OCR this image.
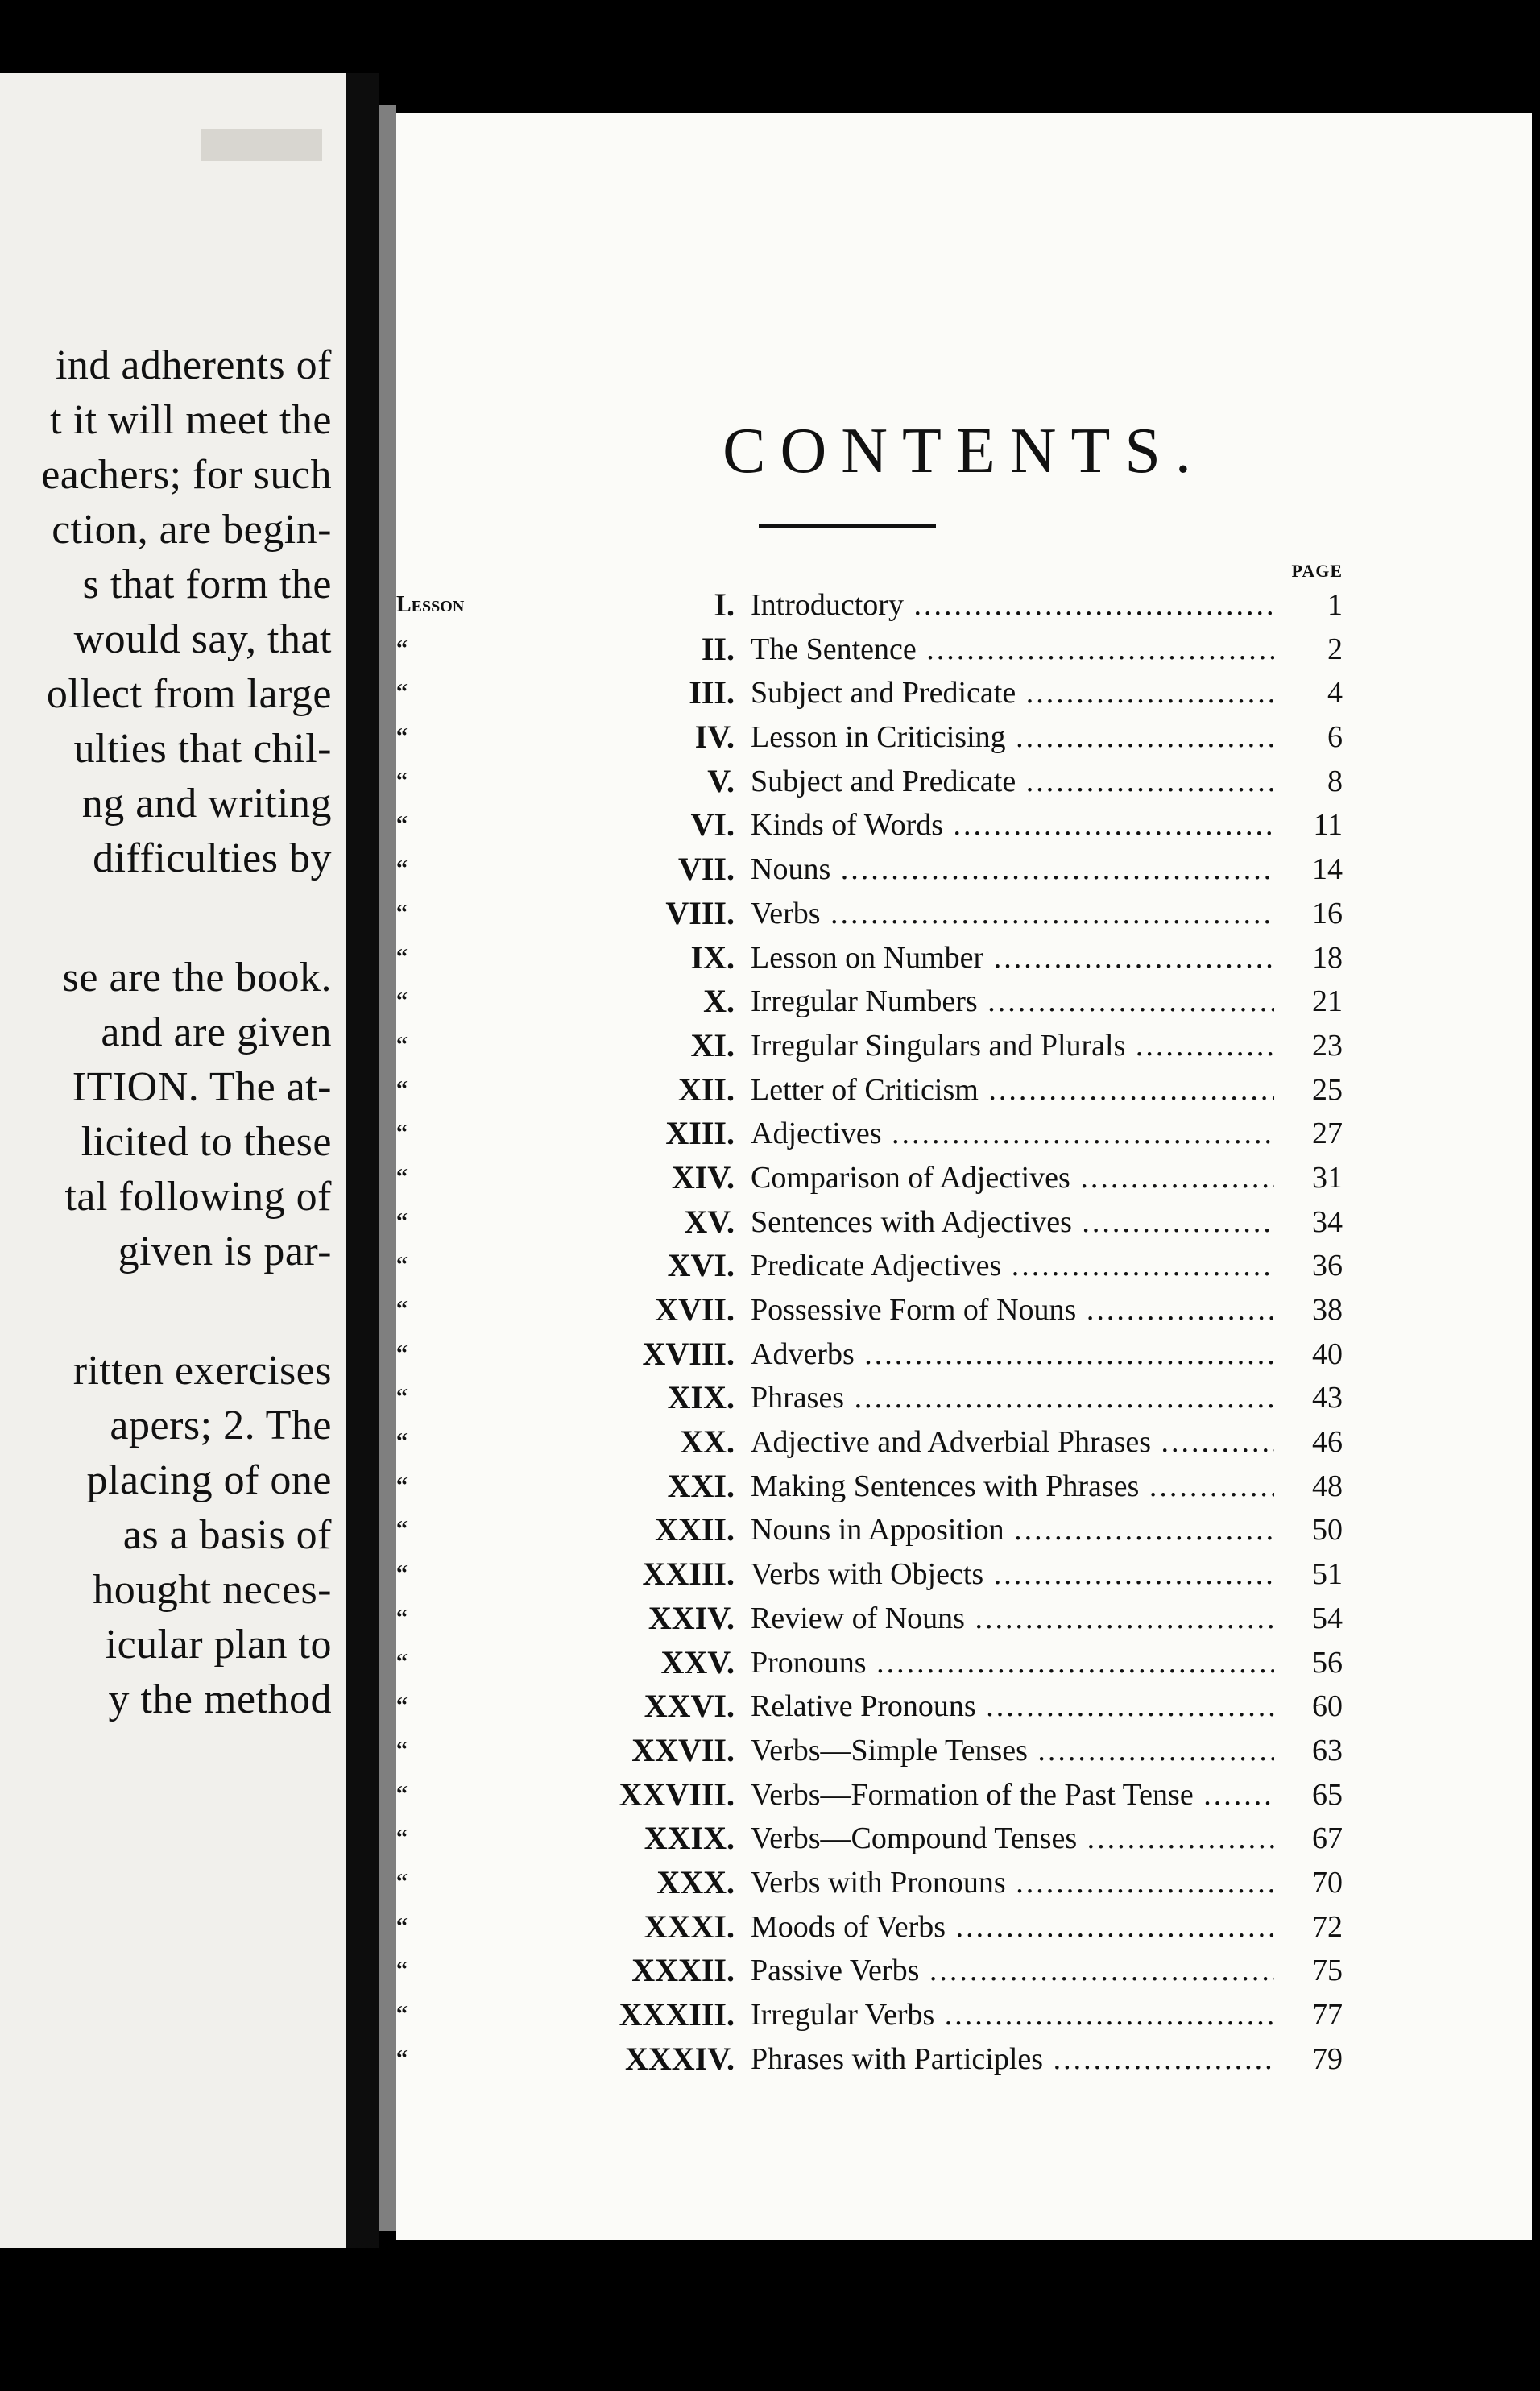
ind adherents of
t it will meet the
eachers; for such
ction, are begin-
s that form the
would say, that
ollect from large
ulties that chil-
ng and writing
difficulties by
se are the book.
and are given
ITION. The at-
licited to these
tal following of
given is par-
ritten exercises
apers; 2. The
placing of one
as a basis of
hought neces-
icular plan to
y the method
CONTENTS.
PAGE
Lesson	I. Introductory .....	1
“	II. The Sentence .....	2
“	III. Subject and Predicate .....	4
“	IV. Lesson in Criticising .....	6
“	V. Subject and Predicate .....	8
“	VI. Kinds of Words .....	11
“	VII. Nouns .....	14
“	VIII. Verbs .....	16
“	IX. Lesson on Number .....	18
“	X. Irregular Numbers .....	21
“	XI. Irregular Singulars and Plurals .....	23
“	XII. Letter of Criticism .....	25
“	XIII. Adjectives .....	27
“	XIV. Comparison of Adjectives .....	31
“	XV. Sentences with Adjectives .....	34
“	XVI. Predicate Adjectives .....	36
“	XVII. Possessive Form of Nouns .....	38
“	XVIII. Adverbs .....	40
“	XIX. Phrases .....	43
“	XX. Adjective and Adverbial Phrases .....	46
“	XXI. Making Sentences with Phrases .....	48
“	XXII. Nouns in Apposition .....	50
“	XXIII. Verbs with Objects .....	51
“	XXIV. Review of Nouns .....	54
“	XXV. Pronouns .....	56
“	XXVI. Relative Pronouns .....	60
“	XXVII. Verbs—Simple Tenses .....	63
“	XXVIII. Verbs—Formation of the Past Tense .....	65
“	XXIX. Verbs—Compound Tenses .....	67
“	XXX. Verbs with Pronouns .....	70
“	XXXI. Moods of Verbs .....	72
“	XXXII. Passive Verbs .....	75
“	XXXIII. Irregular Verbs .....	77
“	XXXIV. Phrases with Participles .....	79
